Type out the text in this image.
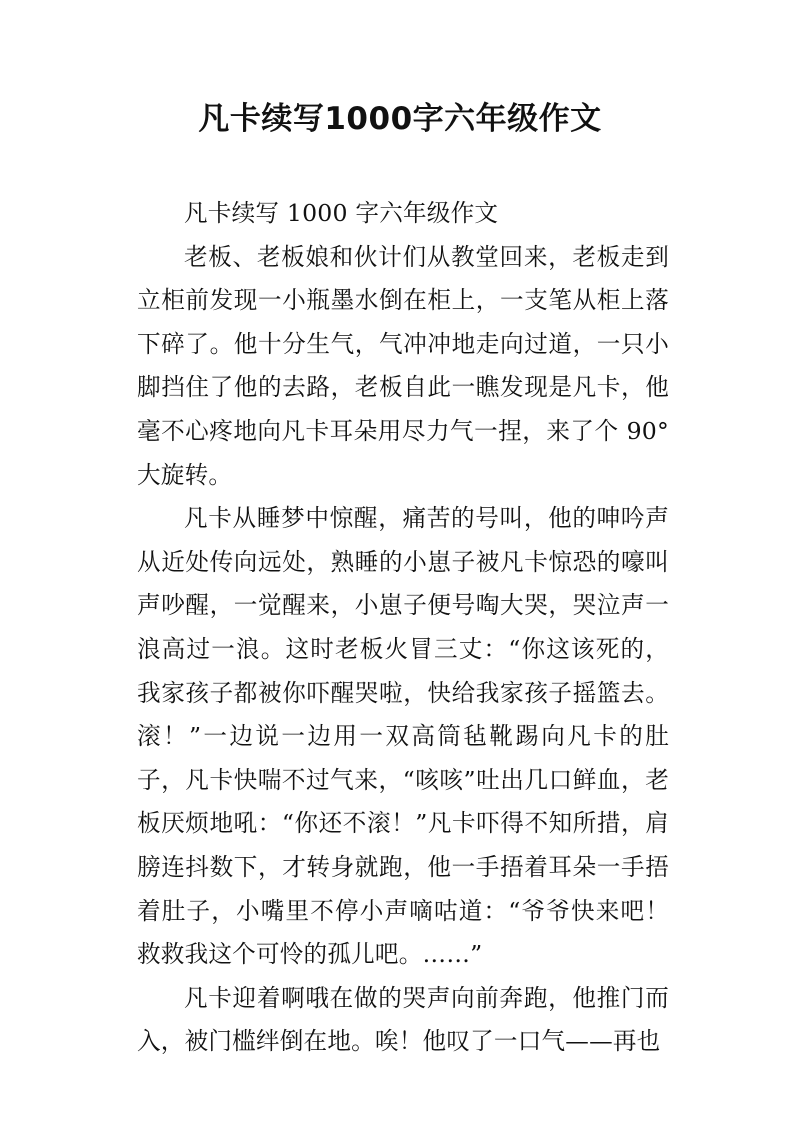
凡卡续写1000字六年级作文

凡卡续写 1000 字六年级作文

老板、老板娘和伙计们从教堂回来，老板走到立柜前发现一小瓶墨水倒在柜上，一支笔从柜上落下碎了。他十分生气，气冲冲地走向过道，一只小脚挡住了他的去路，老板自此一瞧发现是凡卡，他毫不心疼地向凡卡耳朵用尽力气一捏，来了个 90°大旋转。

凡卡从睡梦中惊醒，痛苦的号叫，他的呻吟声从近处传向远处，熟睡的小崽子被凡卡惊恐的嚎叫声吵醒，一觉醒来，小崽子便号啕大哭，哭泣声一浪高过一浪。这时老板火冒三丈：“你这该死的，我家孩子都被你吓醒哭啦，快给我家孩子摇篮去。滚！”一边说一边用一双高筒毡靴踢向凡卡的肚子，凡卡快喘不过气来，“咳咳”吐出几口鲜血，老板厌烦地吼：“你还不滚！”凡卡吓得不知所措，肩膀连抖数下，才转身就跑，他一手捂着耳朵一手捂着肚子，小嘴里不停小声嘀咕道：“爷爷快来吧！救救我这个可怜的孤儿吧。……”

凡卡迎着啊哦在做的哭声向前奔跑，他推门而入，被门槛绊倒在地。唉！他叹了一口气——再也
